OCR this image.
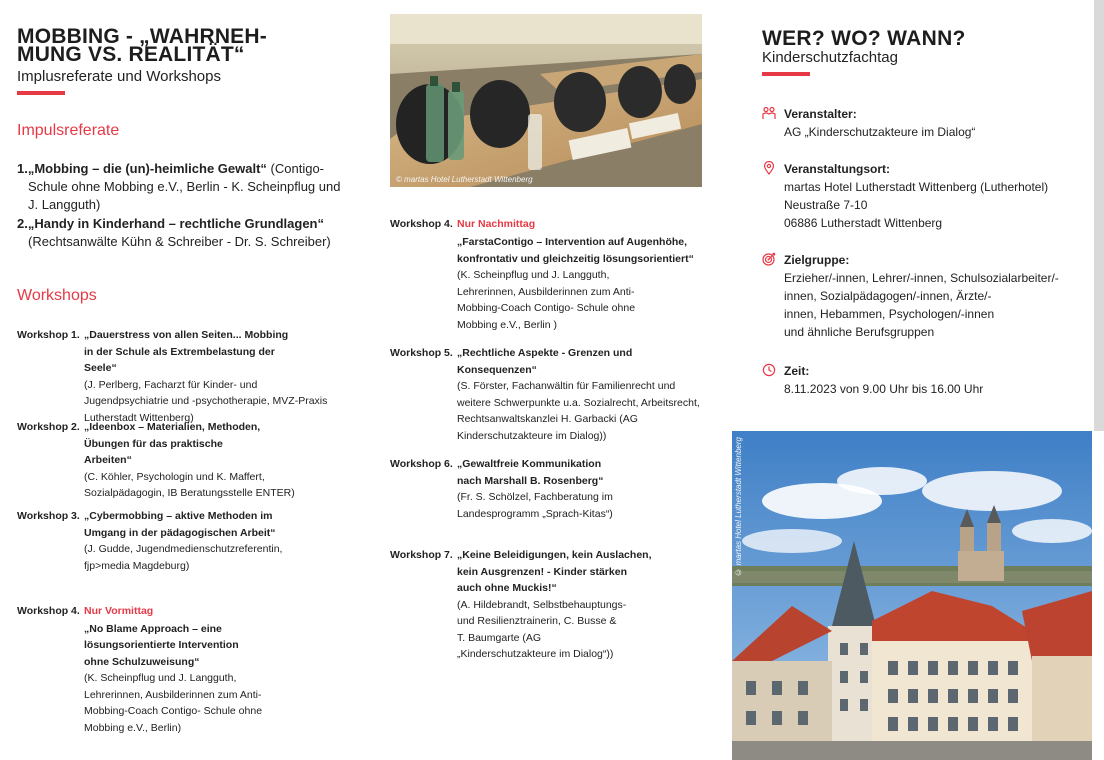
MOBBING - „WAHRNEH-MUNG VS. REALITÄT“
Implusreferate und Workshops
Impulsreferate
1.„Mobbing – die (un)-heimliche Gewalt“ (Contigo-
Schule ohne Mobbing e.V., Berlin - K. Scheinpflug und J. Langguth)
2.„Handy in Kinderhand – rechtliche Grundlagen“
(Rechtsanwälte Kühn & Schreiber - Dr. S. Schreiber)
Workshops
Workshop 1. „Dauerstress von allen Seiten... Mobbing in der Schule als Extrembelastung der Seele“
(J. Perlberg, Facharzt für Kinder- und Jugendpsychiatrie und -psychotherapie, MVZ-Praxis Lutherstadt Wittenberg)
Workshop 2. „Ideenbox – Materialien, Methoden, Übungen für das praktische Arbeiten“
(C. Köhler, Psychologin und K. Maffert, Sozialpädagogin, IB Beratungsstelle ENTER)
Workshop 3. „Cybermobbing – aktive Methoden im Umgang in der pädagogischen Arbeit“
(J. Gudde, Jugendmedienschutzreferentin, fjp>media Magdeburg)
Workshop 4. Nur Vormittag
„No Blame Approach – eine lösungsorientierte Intervention ohne Schulzuweisung“
(K. Scheinpflug und J. Langguth, Lehrerinnen, Ausbilderinnen zum Anti-Mobbing-Coach Contigo- Schule ohne Mobbing e.V., Berlin)
© martas Hotel Lutherstadt Wittenberg
Workshop 4. Nur Nachmittag
„FarstaContigo – Intervention auf Augenhöhe, konfrontativ und gleichzeitig lösungsorientiert“
(K. Scheinpflug und J. Langguth, Lehrerinnen, Ausbilderinnen zum Anti-Mobbing-Coach Contigo- Schule ohne Mobbing e.V., Berlin )
Workshop 5. „Rechtliche Aspekte - Grenzen und Konsequenzen“
(S. Förster, Fachanwältin für Familienrecht und weitere Schwerpunkte u.a. Sozialrecht, Arbeitsrecht, Rechtsanwaltskanzlei H. Garbacki (AG Kinderschutzakteure im Dialog))
Workshop 6. „Gewaltfreie Kommunikation nach Marshall B. Rosenberg“
(Fr. S. Schölzel, Fachberatung im Landesprogramm „Sprach-Kitas“)
Workshop 7. „Keine Beleidigungen, kein Auslachen, kein Ausgrenzen! - Kinder stärken auch ohne Muckis!“
(A. Hildebrandt, Selbstbehauptungs- und Resilienztrainerin, C. Busse & T. Baumgarte (AG „Kinderschutzakteure im Dialog“))
WER? WO? WANN?
Kinderschutzfachtag
Veranstalter:
AG „Kinderschutzakteure im Dialog“
Veranstaltungsort:
martas Hotel Lutherstadt Wittenberg (Lutherhotel)
Neustraße 7-10
06886 Lutherstadt Wittenberg
Zielgruppe:
Erzieher/-innen, Lehrer/-innen, Schulsozialarbeiter/-
innen, Sozialpädagogen/-innen, Ärzte/-
innen, Hebammen, Psychologen/-innen
und ähnliche Berufsgruppen
Zeit:
8.11.2023 von 9.00 Uhr bis 16.00 Uhr
© martas Hotel Lutherstadt Wittenberg
